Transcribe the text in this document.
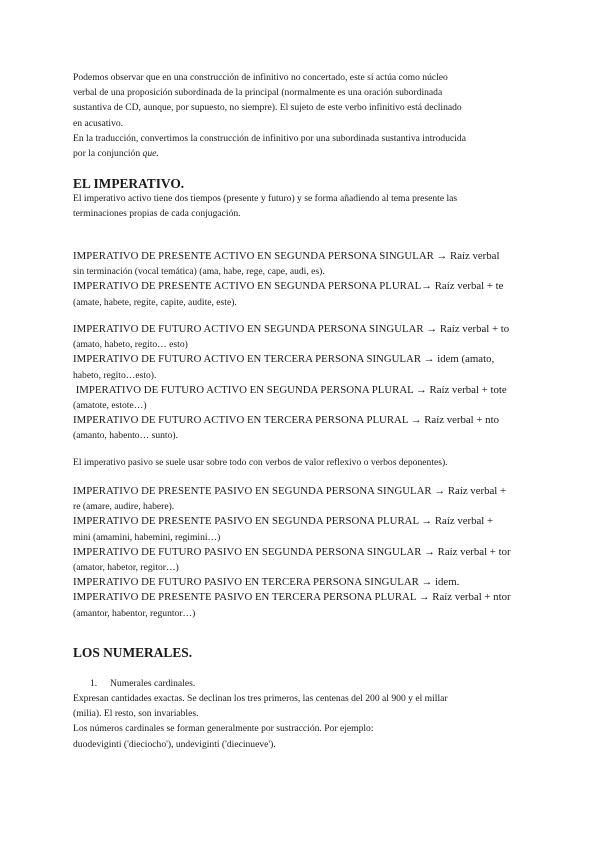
Podemos observar que en una construcción de infinitivo no concertado, este sí actúa como núcleo
verbal de una proposición subordinada de la principal (normalmente es una oración subordinada
sustantiva de CD, aunque, por supuesto, no siempre). El sujeto de este verbo infinitivo está declinado
en acusativo.
En la traducción, convertimos la construcción de infinitivo por una subordinada sustantiva introducida
por la conjunción que.
EL IMPERATIVO.
El imperativo activo tiene dos tiempos (presente y futuro) y se forma añadiendo al tema presente las
terminaciones propias de cada conjugación.
IMPERATIVO DE PRESENTE ACTIVO EN SEGUNDA PERSONA SINGULAR → Raíz verbal
sin terminación (vocal temática) (ama, habe, rege, cape, audi, es).
IMPERATIVO DE PRESENTE ACTIVO EN SEGUNDA PERSONA PLURAL→ Raíz verbal + te
(amate, habete, regite, capite, audite, este).
IMPERATIVO DE FUTURO ACTIVO EN SEGUNDA PERSONA SINGULAR → Raíz verbal + to
(amato, habeto, regito… esto)
IMPERATIVO DE FUTURO ACTIVO EN TERCERA PERSONA SINGULAR → idem (amato,
habeto, regito…esto).
IMPERATIVO DE FUTURO ACTIVO EN SEGUNDA PERSONA PLURAL → Raíz verbal + tote
(amatote, estote…)
IMPERATIVO DE FUTURO ACTIVO EN TERCERA PERSONA PLURAL → Raíz verbal + nto
(amanto, habento… sunto).
El imperativo pasivo se suele usar sobre todo con verbos de valor reflexivo o verbos deponentes).
IMPERATIVO DE PRESENTE PASIVO EN SEGUNDA PERSONA SINGULAR → Raíz verbal +
re (amare, audire, habere).
IMPERATIVO DE PRESENTE PASIVO EN SEGUNDA PERSONA PLURAL → Raíz verbal +
mini (amamini, habemini, regimini…)
IMPERATIVO DE FUTURO PASIVO EN SEGUNDA PERSONA SINGULAR → Raíz verbal + tor
(amator, habetor, regitor…)
IMPERATIVO DE FUTURO PASIVO EN TERCERA PERSONA SINGULAR → idem.
IMPERATIVO DE PRESENTE PASIVO EN TERCERA PERSONA PLURAL → Raíz verbal + ntor
(amantor, habentor, reguntor…)
LOS NUMERALES.
1. Numerales cardinales.
Expresan cantidades exactas. Se declinan los tres primeros, las centenas del 200 al 900 y el millar
(milia). El resto, son invariables.
Los números cardinales se forman generalmente por sustracción. Por ejemplo:
duodeviginti ('dieciocho'), undeviginti ('diecinueve').
